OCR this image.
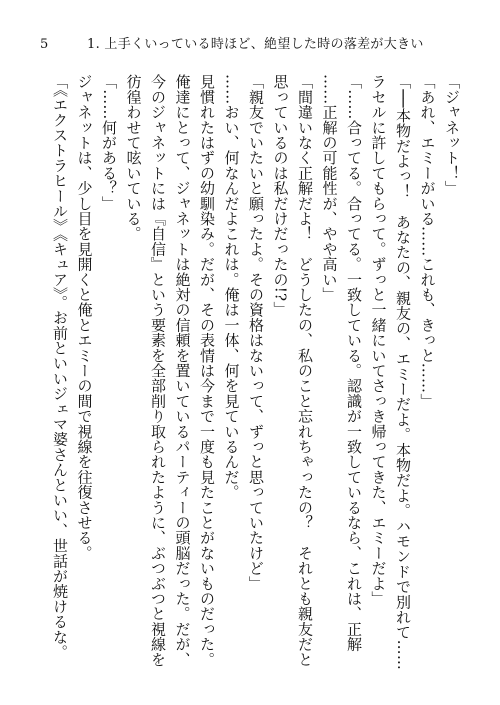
5	1. 上手くいっている時ほど、絶望した時の落差が大きい
「ジャネット！」
「あれ、エミーがいる……これも、きっと……」
「──本物だよっ！　あなたの、親友の、エミーだよ。本物だよ。ハモンドで別れて……
ラセルに許してもらって。ずっと一緒にいてさっき帰ってきた、エミーだよ」
「……合ってる。合ってる。一致している。認識が一致しているなら、これは、正解
……正解の可能性が、やや高い」
「間違いなく正解だよ！　どうしたの、私のこと忘れちゃったの？　それとも親友だと
思っているのは私だけだったの!?」
「親友でいたいと願ったよ。その資格はないって、ずっと思っていたけど」
……おい、何なんだよこれは。俺は一体、何を見ているんだ。
見慣れたはずの幼馴染み。だが、その表情は今まで一度も見たことがないものだった。
俺達にとって、ジャネットは絶対の信頼を置いているパーティーの頭脳だった。だが、
今のジャネットには『自信』という要素を全部削り取られたように、ぶつぶつと視線を
彷徨わせて呟いている。
「……何がある？」
ジャネットは、少し目を見開くと俺とエミーの間で視線を往復させる。
「《エクストラヒール》《キュア》。お前といいジェマ婆さんといい、世話が焼けるな。
